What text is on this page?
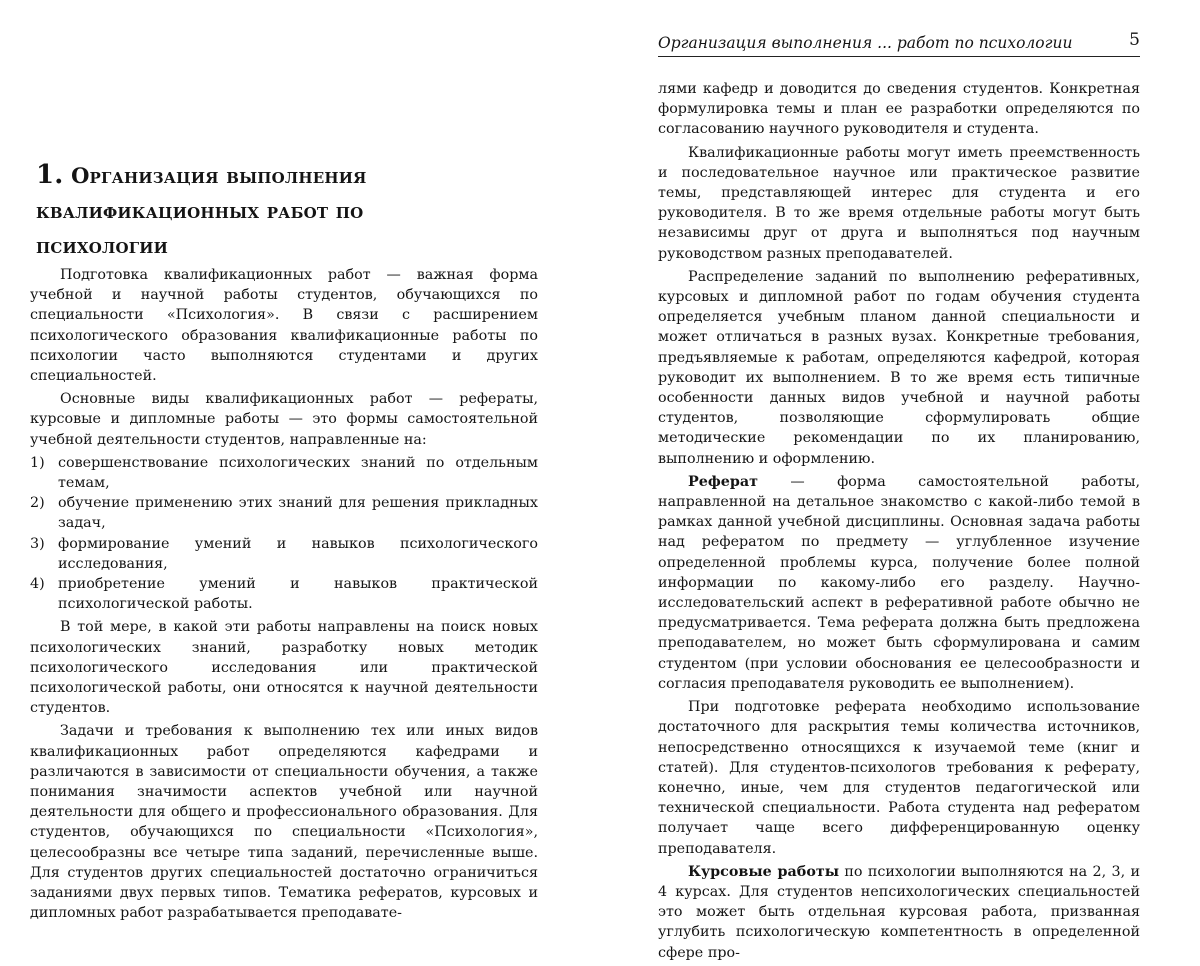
1. Организация выполнения квалификационных работ по психологии

Подготовка квалификационных работ — важная форма учебной и научной работы студентов, обучающихся по специальности «Психология». В связи с расширением психологического образования квалификационные работы по психологии часто выполняются студентами и других специальностей.

Основные виды квалификационных работ — рефераты, курсовые и дипломные работы — это формы самостоятельной учебной деятельности студентов, направленные на:

1) совершенствование психологических знаний по отдельным темам,
2) обучение применению этих знаний для решения прикладных задач,
3) формирование умений и навыков психологического исследования,
4) приобретение умений и навыков практической психологической работы.

В той мере, в какой эти работы направлены на поиск новых психологических знаний, разработку новых методик психологического исследования или практической психологической работы, они относятся к научной деятельности студентов.

Задачи и требования к выполнению тех или иных видов квалификационных работ определяются кафедрами и различаются в зависимости от специальности обучения, а также понимания значимости аспектов учебной или научной деятельности для общего и профессионального образования. Для студентов, обучающихся по специальности «Психология», целесообразны все четыре типа заданий, перечисленные выше. Для студентов других специальностей достаточно ограничиться заданиями двух первых типов. Тематика рефератов, курсовых и дипломных работ разрабатывается преподавате-

Организация выполнения ... работ по психологии	5

лями кафедр и доводится до сведения студентов. Конкретная формулировка темы и план ее разработки определяются по согласованию научного руководителя и студента.

Квалификационные работы могут иметь преемственность и последовательное научное или практическое развитие темы, представляющей интерес для студента и его руководителя. В то же время отдельные работы могут быть независимы друг от друга и выполняться под научным руководством разных преподавателей.

Распределение заданий по выполнению реферативных, курсовых и дипломной работ по годам обучения студента определяется учебным планом данной специальности и может отличаться в разных вузах. Конкретные требования, предъявляемые к работам, определяются кафедрой, которая руководит их выполнением. В то же время есть типичные особенности данных видов учебной и научной работы студентов, позволяющие сформулировать общие методические рекомендации по их планированию, выполнению и оформлению.

Реферат — форма самостоятельной работы, направленной на детальное знакомство с какой-либо темой в рамках данной учебной дисциплины. Основная задача работы над рефератом по предмету — углубленное изучение определенной проблемы курса, получение более полной информации по какому-либо его разделу. Научно-исследовательский аспект в реферативной работе обычно не предусматривается. Тема реферата должна быть предложена преподавателем, но может быть сформулирована и самим студентом (при условии обоснования ее целесообразности и согласия преподавателя руководить ее выполнением).

При подготовке реферата необходимо использование достаточного для раскрытия темы количества источников, непосредственно относящихся к изучаемой теме (книг и статей). Для студентов-психологов требования к реферату, конечно, иные, чем для студентов педагогической или технической специальности. Работа студента над рефератом получает чаще всего дифференцированную оценку преподавателя.

Курсовые работы по психологии выполняются на 2, 3, и 4 курсах. Для студентов непсихологических специальностей это может быть отдельная курсовая работа, призванная углубить психологическую компетентность в определенной сфере про-
